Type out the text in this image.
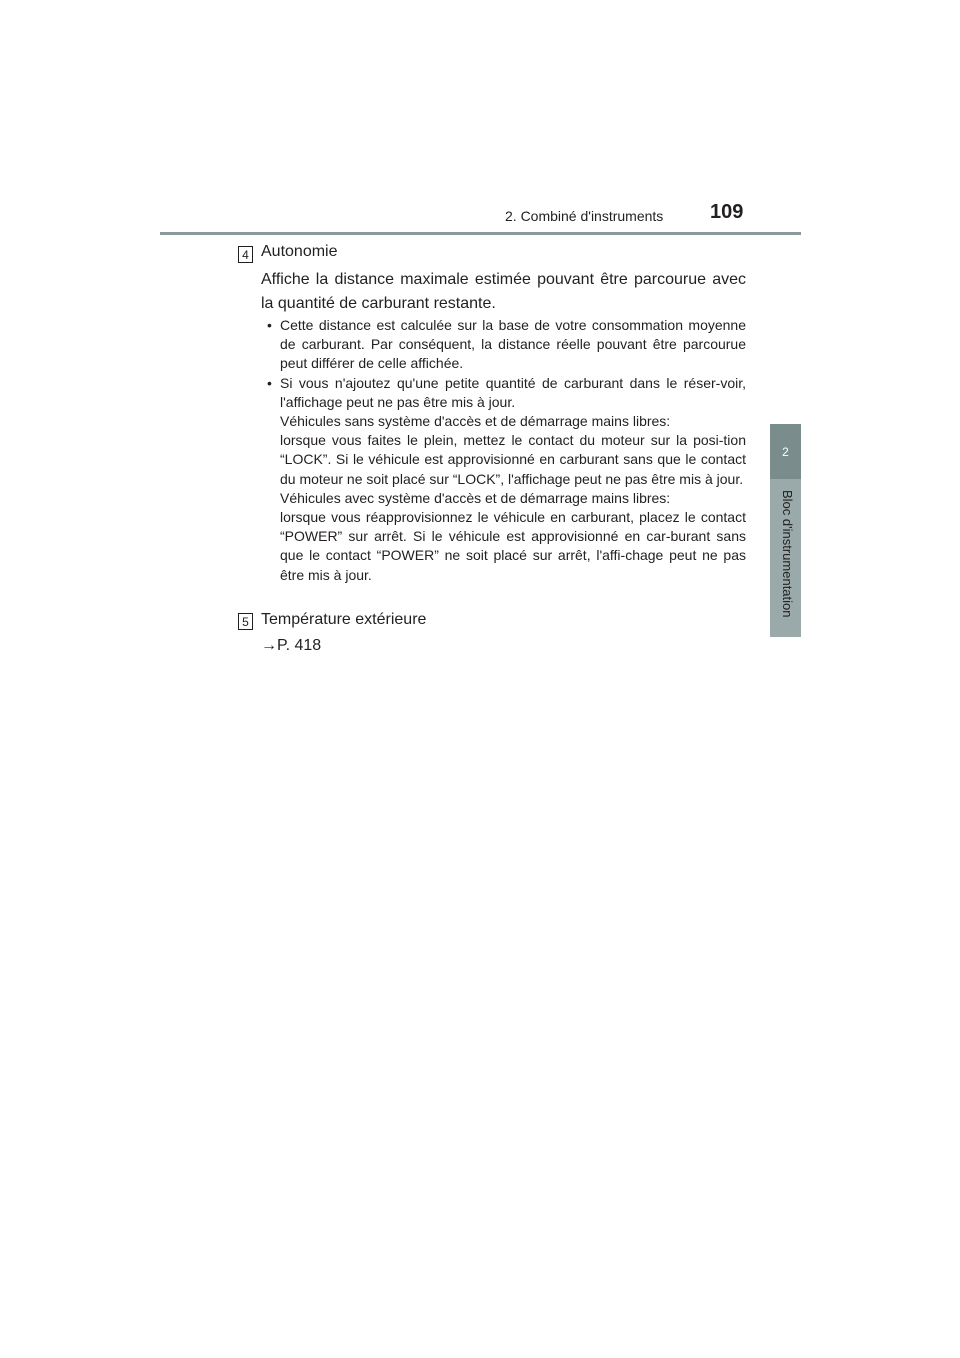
2. Combiné d'instruments 109
2
Bloc d'instrumentation
4 Autonomie
Affiche la distance maximale estimée pouvant être parcourue avec la quantité de carburant restante.
• Cette distance est calculée sur la base de votre consommation moyenne de carburant. Par conséquent, la distance réelle pouvant être parcourue peut différer de celle affichée.

• Si vous n'ajoutez qu'une petite quantité de carburant dans le réser-voir, l'affichage peut ne pas être mis à jour.

Véhicules sans système d'accès et de démarrage mains libres:

lorsque vous faites le plein, mettez le contact du moteur sur la posi-tion “LOCK”. Si le véhicule est approvisionné en carburant sans que le contact du moteur ne soit placé sur “LOCK”, l'affichage peut ne pas être mis à jour.

Véhicules avec système d'accès et de démarrage mains libres:

lorsque vous réapprovisionnez le véhicule en carburant, placez le contact “POWER” sur arrêt. Si le véhicule est approvisionné en car-burant sans que le contact “POWER” ne soit placé sur arrêt, l'affi-chage peut ne pas être mis à jour.

5 Température extérieure
→P. 418
